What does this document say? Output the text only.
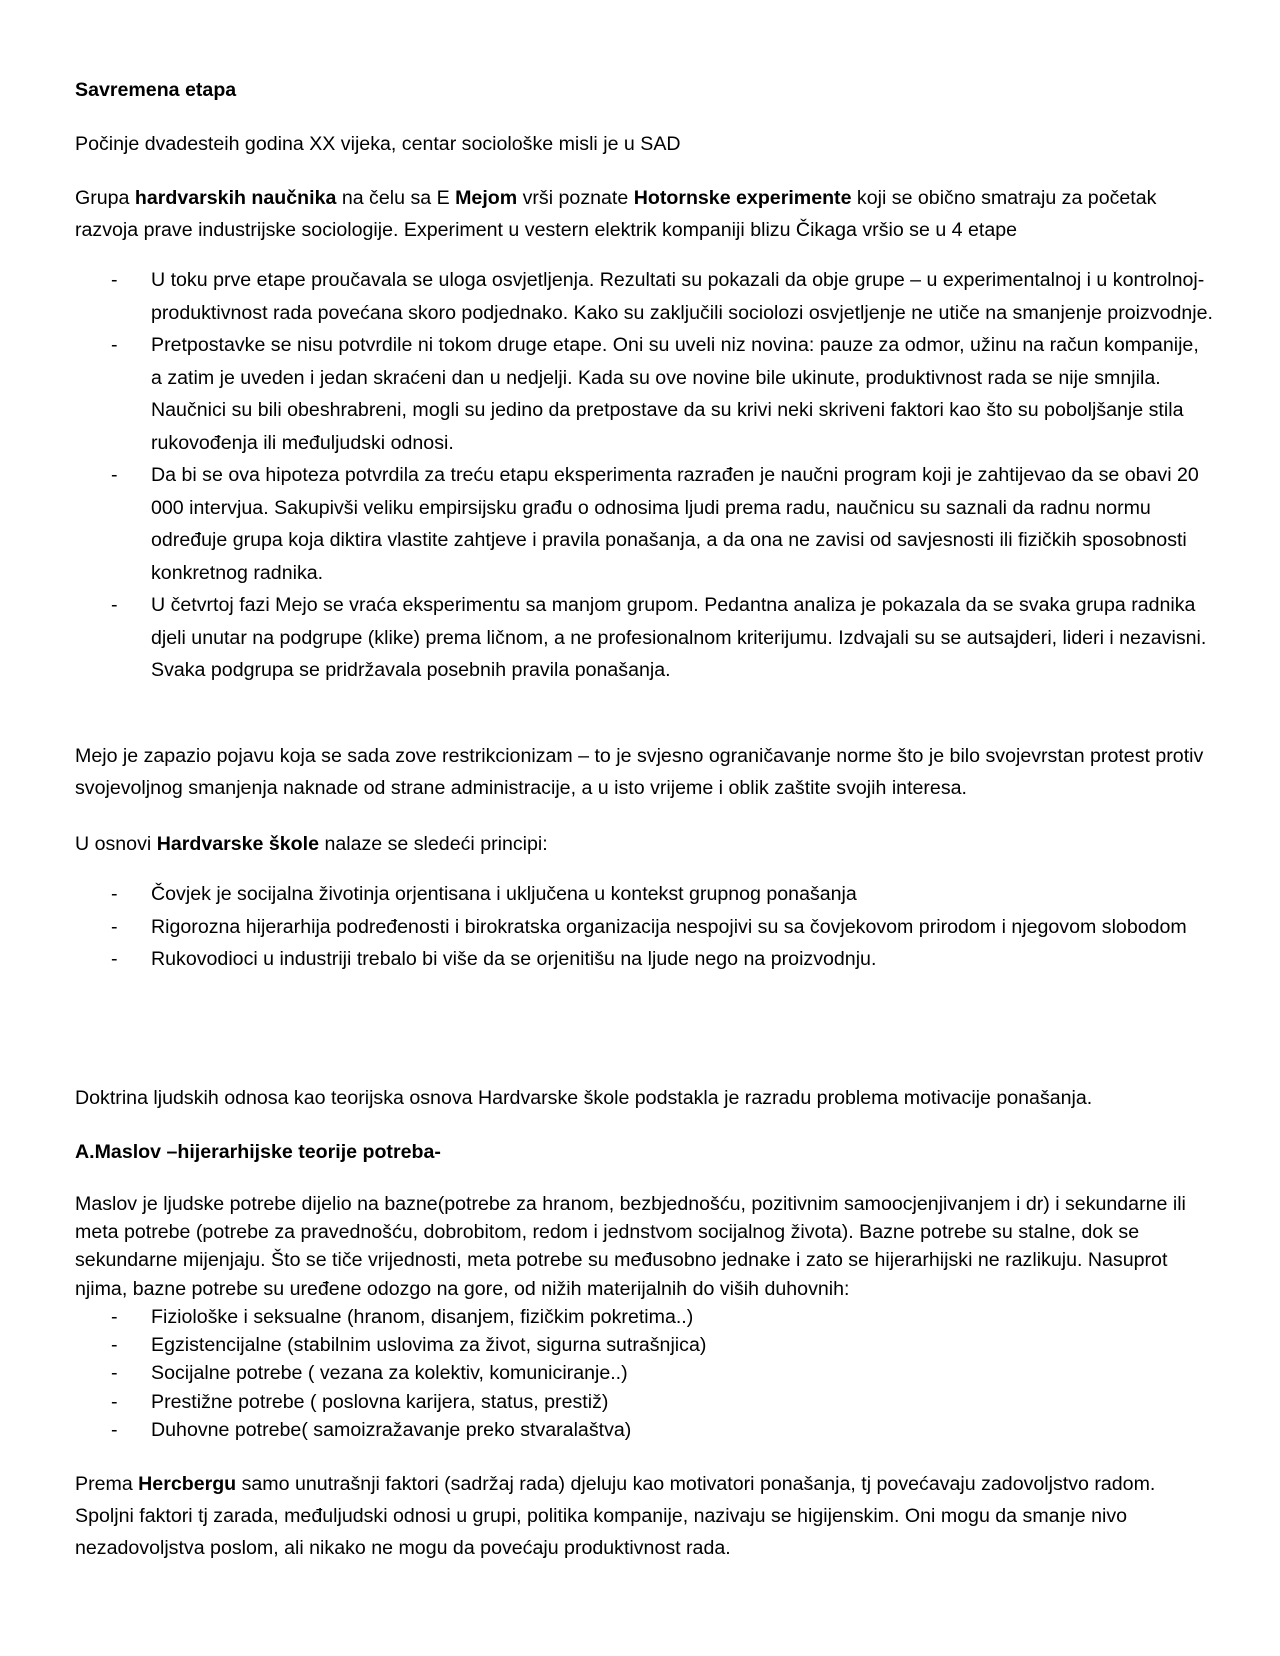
Savremena etapa

Počinje dvadesteih godina XX vijeka, centar sociološke misli je u SAD

Grupa hardvarskih naučnika na čelu sa E Mejom vrši poznate Hotornske experimente koji se obično smatraju za početak razvoja prave industrijske sociologije. Experiment u vestern elektrik kompaniji blizu Čikaga vršio se u 4 etape

- U toku prve etape proučavala se uloga osvjetljenja. Rezultati su pokazali da obje grupe – u experimentalnoj i u kontrolnoj- produktivnost rada povećana skoro podjednako. Kako su zaključili sociolozi osvjetljenje ne utiče na smanjenje proizvodnje.
- Pretpostavke se nisu potvrdile ni tokom druge etape. Oni su uveli niz novina: pauze za odmor, užinu na račun kompanije, a zatim je uveden i jedan skraćeni dan u nedjelji. Kada su ove novine bile ukinute, produktivnost rada se nije smnjila. Naučnici su bili obeshrabreni, mogli su jedino da pretpostave da su krivi neki skriveni faktori kao što su poboljšanje stila rukovođenja ili međuljudski odnosi.
- Da bi se ova hipoteza potvrdila za treću etapu eksperimenta razrađen je naučni program koji je zahtijevao da se obavi 20 000 intervjua. Sakupivši veliku empirsijsku građu o odnosima ljudi prema radu, naučnicu su saznali da radnu normu određuje grupa koja diktira vlastite zahtjeve i pravila ponašanja, a da ona ne zavisi od savjesnosti ili fizičkih sposobnosti konkretnog radnika.
- U četvrtoj fazi Mejo se vraća eksperimentu sa manjom grupom. Pedantna analiza je pokazala da se svaka grupa radnika djeli unutar na podgrupe (klike) prema ličnom, a ne profesionalnom kriterijumu. Izdvajali su se autsajderi, lideri i nezavisni. Svaka podgrupa se pridržavala posebnih pravila ponašanja.

Mejo je zapazio pojavu koja se sada zove restrikcionizam – to je svjesno ograničavanje norme što je bilo svojevrstan protest protiv svojevoljnog smanjenja naknade od strane administracije, a u isto vrijeme i oblik zaštite svojih interesa.

U osnovi Hardvarske škole nalaze se sledeći principi:

- Čovjek je socijalna životinja orjentisana i uključena u kontekst grupnog ponašanja
- Rigorozna hijerarhija podređenosti i birokratska organizacija nespojivi su sa čovjekovom prirodom i njegovom slobodom
- Rukovodioci u industriji trebalo bi više da se orjenitišu na ljude nego na proizvodnju.

Doktrina ljudskih odnosa kao teorijska osnova Hardvarske škole podstakla je razradu problema motivacije ponašanja.

A.Maslov –hijerarhijske teorije potreba-

Maslov je ljudske potrebe dijelio na bazne(potrebe za hranom, bezbjednošću, pozitivnim samoocjenjivanjem i dr) i sekundarne ili meta potrebe (potrebe za pravednošću, dobrobitom, redom i jednstvom socijalnog života). Bazne potrebe su stalne, dok se sekundarne mijenjaju. Što se tiče vrijednosti, meta potrebe su međusobno jednake i zato se hijerarhijski ne razlikuju. Nasuprot njima, bazne potrebe su uređene odozgo na gore, od nižih materijalnih do viših duhovnih:

- Fiziološke i seksualne (hranom, disanjem, fizičkim pokretima..)
- Egzistencijalne (stabilnim uslovima za život, sigurna sutrašnjica)
- Socijalne potrebe ( vezana za kolektiv, komuniciranje..)
- Prestižne potrebe ( poslovna karijera, status, prestiž)
- Duhovne potrebe( samoizražavanje preko stvaralaštva)

Prema Hercbergu samo unutrašnji faktori (sadržaj rada) djeluju kao motivatori ponašanja, tj povećavaju zadovoljstvo radom. Spoljni faktori tj zarada, međuljudski odnosi u grupi, politika kompanije, nazivaju se higijenskim. Oni mogu da smanje nivo nezadovoljstva poslom, ali nikako ne mogu da povećaju produktivnost rada.
